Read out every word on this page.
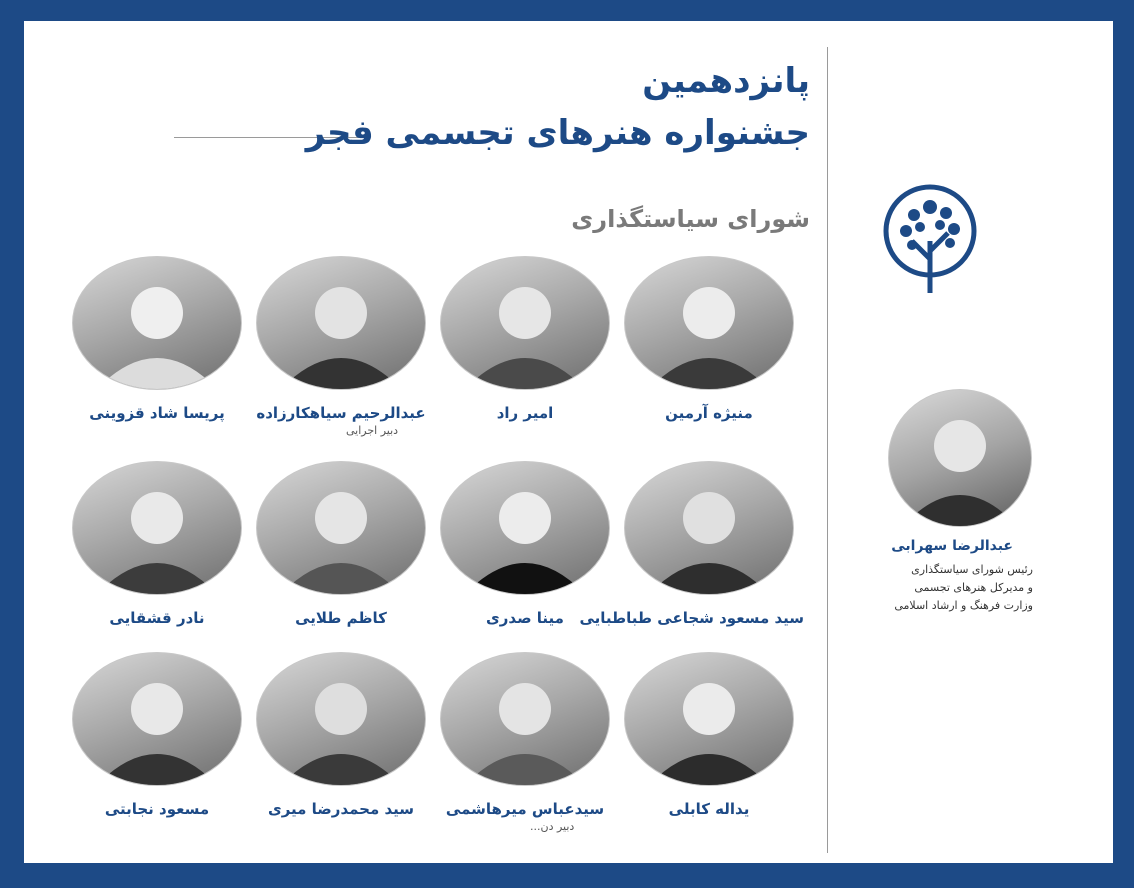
پانزدهمین
جشنواره هنرهای تجسمی فجر
شورای سیاستگذاری
منیژه آرمین
امیر راد
عبدالرحیم سیاهکارزاده
دبیر اجرایی
پریسا شاد قزوینی
سید مسعود شجاعی طباطبایی
مینا صدری
کاظم طلایی
نادر قشقایی
یداله کابلی
سیدعباس میرهاشمی
دبیر دن...
سید محمدرضا میری
مسعود نجابتی
عبدالرضا سهرابی
رئیس شورای سیاستگذاری
و مدیرکل هنرهای تجسمی
وزارت فرهنگ و ارشاد اسلامی
